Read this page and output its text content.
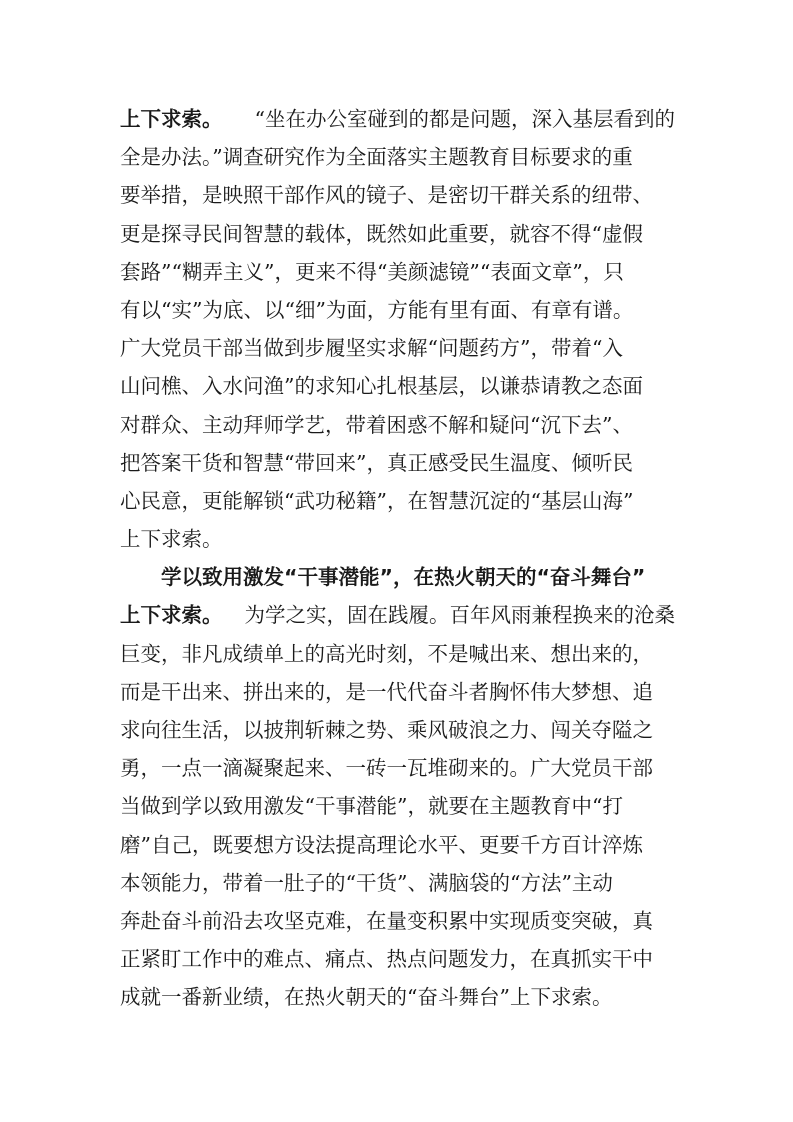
上下求索。 “坐在办公室碰到的都是问题，深入基层看到的
全是办法。”调查研究作为全面落实主题教育目标要求的重
要举措，是映照干部作风的镜子、是密切干群关系的纽带、
更是探寻民间智慧的载体，既然如此重要，就容不得“虚假
套路”“糊弄主义”，更来不得“美颜滤镜”“表面文章”，只
有以“实”为底、以“细”为面，方能有里有面、有章有谱。
广大党员干部当做到步履坚实求解“问题药方”，带着“入
山问樵、入水问渔”的求知心扎根基层，以谦恭请教之态面
对群众、主动拜师学艺，带着困惑不解和疑问“沉下去”、
把答案干货和智慧“带回来”，真正感受民生温度、倾听民
心民意，更能解锁“武功秘籍”，在智慧沉淀的“基层山海”
上下求索。
学以致用激发“干事潜能”，在热火朝天的“奋斗舞台”
上下求索。 为学之实，固在践履。百年风雨兼程换来的沧桑
巨变，非凡成绩单上的高光时刻，不是喊出来、想出来的，
而是干出来、拼出来的，是一代代奋斗者胸怀伟大梦想、追
求向往生活，以披荆斩棘之势、乘风破浪之力、闯关夺隘之
勇，一点一滴凝聚起来、一砖一瓦堆砌来的。广大党员干部
当做到学以致用激发“干事潜能”，就要在主题教育中“打
磨”自己，既要想方设法提高理论水平、更要千方百计淬炼
本领能力，带着一肚子的“干货”、满脑袋的“方法”主动
奔赴奋斗前沿去攻坚克难，在量变积累中实现质变突破，真
正紧盯工作中的难点、痛点、热点问题发力，在真抓实干中
成就一番新业绩，在热火朝天的“奋斗舞台”上下求索。
